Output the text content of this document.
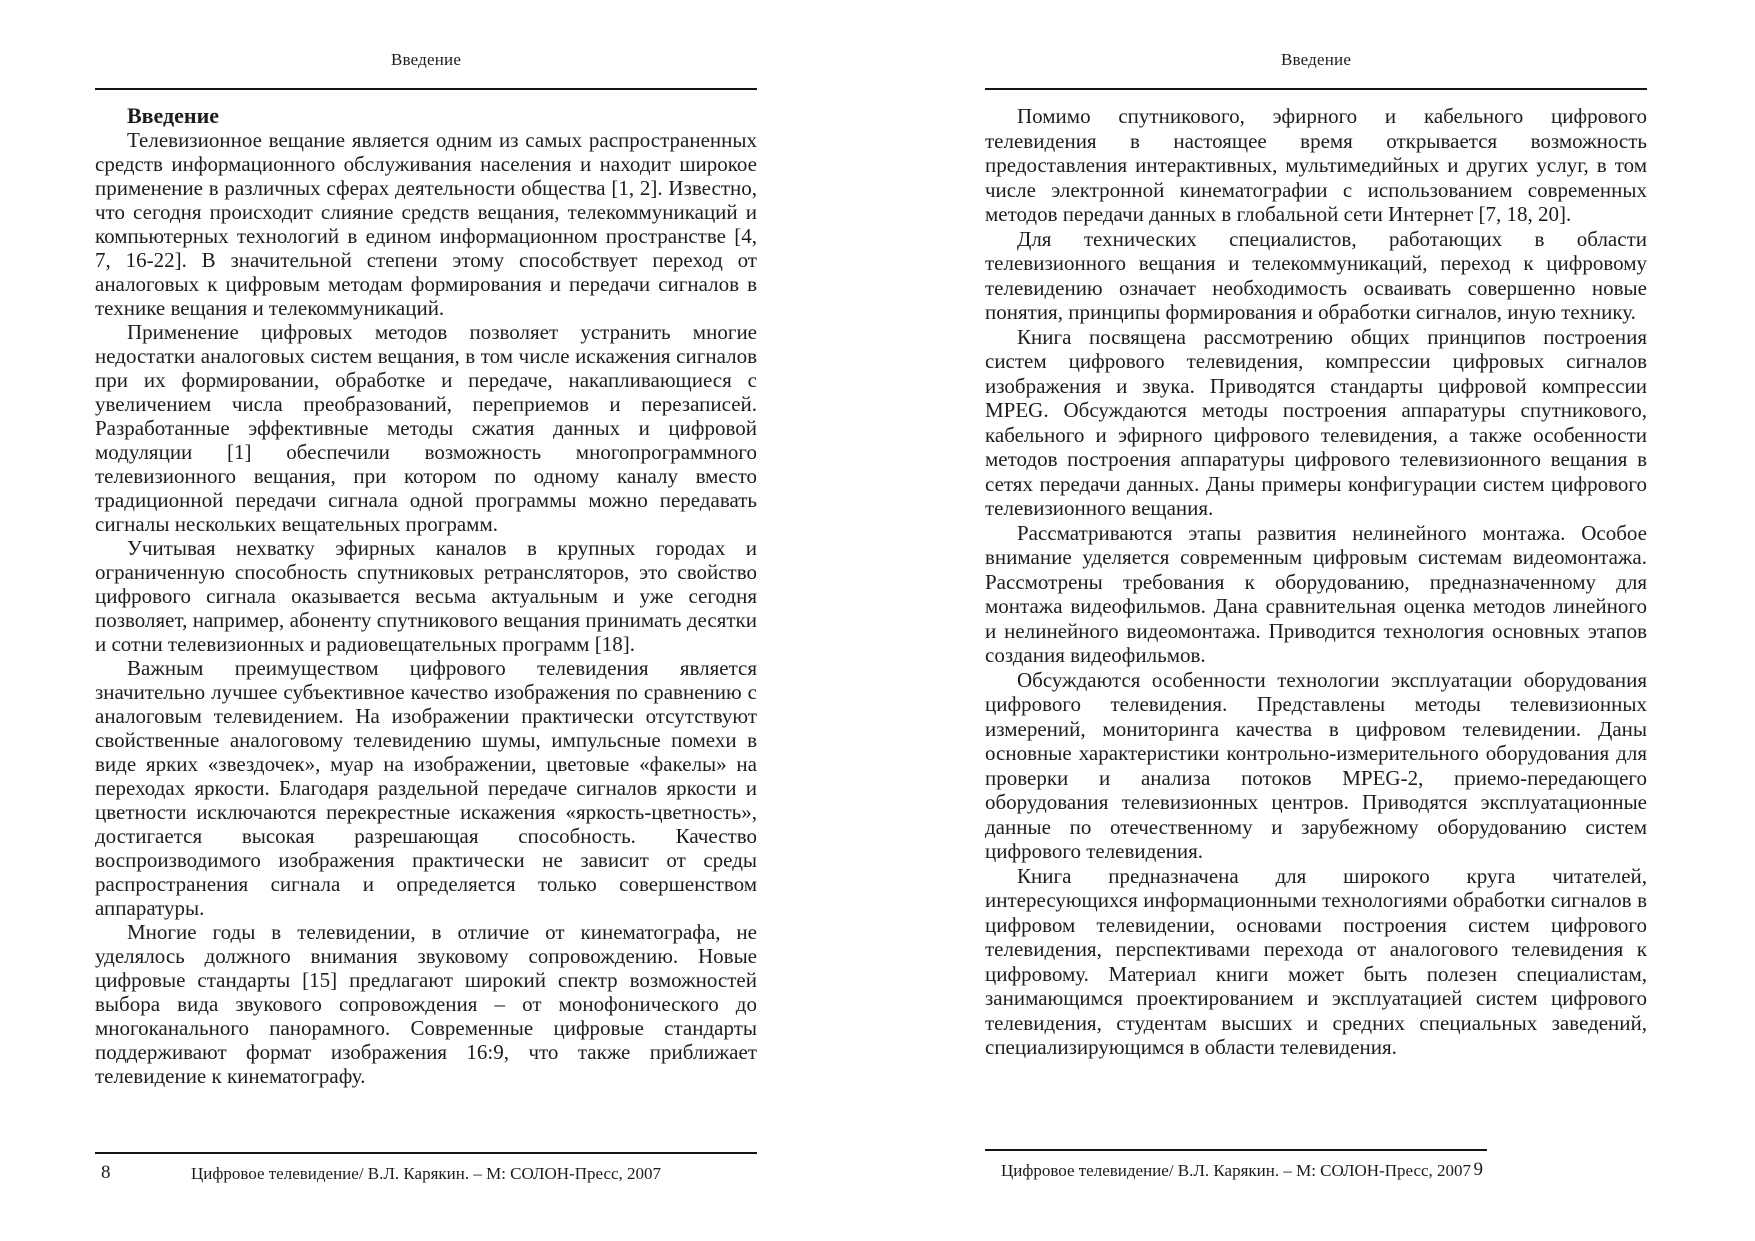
Введение
Введение

Телевизионное вещание является одним из самых распространенных средств информационного обслуживания населения и находит широкое применение в различных сферах деятельности общества [1, 2]. Известно, что сегодня происходит слияние средств вещания, телекоммуникаций и компьютерных технологий в едином информационном пространстве [4, 7, 16-22]. В значительной степени этому способствует переход от аналоговых к цифровым методам формирования и передачи сигналов в технике вещания и телекоммуникаций.

Применение цифровых методов позволяет устранить многие недостатки аналоговых систем вещания, в том числе искажения сигналов при их формировании, обработке и передаче, накапливающиеся с увеличением числа преобразований, переприемов и перезаписей. Разработанные эффективные методы сжатия данных и цифровой модуляции [1] обеспечили возможность многопрограммного телевизионного вещания, при котором по одному каналу вместо традиционной передачи сигнала одной программы можно передавать сигналы нескольких вещательных программ.

Учитывая нехватку эфирных каналов в крупных городах и ограниченную способность спутниковых ретрансляторов, это свойство цифрового сигнала оказывается весьма актуальным и уже сегодня позволяет, например, абоненту спутникового вещания принимать десятки и сотни телевизионных и радиовещательных программ [18].

Важным преимуществом цифрового телевидения является значительно лучшее субъективное качество изображения по сравнению с аналоговым телевидением. На изображении практически отсутствуют свойственные аналоговому телевидению шумы, импульсные помехи в виде ярких «звездочек», муар на изображении, цветовые «факелы» на переходах яркости. Благодаря раздельной передаче сигналов яркости и цветности исключаются перекрестные искажения «яркость-цветность», достигается высокая разрешающая способность. Качество воспроизводимого изображения практически не зависит от среды распространения сигнала и определяется только совершенством аппаратуры.

Многие годы в телевидении, в отличие от кинематографа, не уделялось должного внимания звуковому сопровождению. Новые цифровые стандарты [15] предлагают широкий спектр возможностей выбора вида звукового сопровождения – от монофонического до многоканального панорамного. Современные цифровые стандарты поддерживают формат изображения 16:9, что также приближает телевидение к кинематографу.

8	Цифровое телевидение/ В.Л. Карякин. – М: СОЛОН-Пресс, 2007
Введение

Помимо спутникового, эфирного и кабельного цифрового телевидения в настоящее время открывается возможность предоставления интерактивных, мультимедийных и других услуг, в том числе электронной кинематографии с использованием современных методов передачи данных в глобальной сети Интернет [7, 18, 20].

Для технических специалистов, работающих в области телевизионного вещания и телекоммуникаций, переход к цифровому телевидению означает необходимость осваивать совершенно новые понятия, принципы формирования и обработки сигналов, иную технику.

Книга посвящена рассмотрению общих принципов построения систем цифрового телевидения, компрессии цифровых сигналов изображения и звука. Приводятся стандарты цифровой компрессии MPEG. Обсуждаются методы построения аппаратуры спутникового, кабельного и эфирного цифрового телевидения, а также особенности методов построения аппаратуры цифрового телевизионного вещания в сетях передачи данных. Даны примеры конфигурации систем цифрового телевизионного вещания.

Рассматриваются этапы развития нелинейного монтажа. Особое внимание уделяется современным цифровым системам видеомонтажа. Рассмотрены требования к оборудованию, предназначенному для монтажа видеофильмов. Дана сравнительная оценка методов линейного и нелинейного видеомонтажа. Приводится технология основных этапов создания видеофильмов.

Обсуждаются особенности технологии эксплуатации оборудования цифрового телевидения. Представлены методы телевизионных измерений, мониторинга качества в цифровом телевидении. Даны основные характеристики контрольно-измерительного оборудования для проверки и анализа потоков MPEG-2, приемо-передающего оборудования телевизионных центров. Приводятся эксплуатационные данные по отечественному и зарубежному оборудованию систем цифрового телевидения.

Книга предназначена для широкого круга читателей, интересующихся информационными технологиями обработки сигналов в цифровом телевидении, основами построения систем цифрового телевидения, перспективами перехода от аналогового телевидения к цифровому. Материал книги может быть полезен специалистам, занимающимся проектированием и эксплуатацией систем цифрового телевидения, студентам высших и средних специальных заведений, специализирующимся в области телевидения.

Цифровое телевидение/ В.Л. Карякин. – М: СОЛОН-Пресс, 2007 9
